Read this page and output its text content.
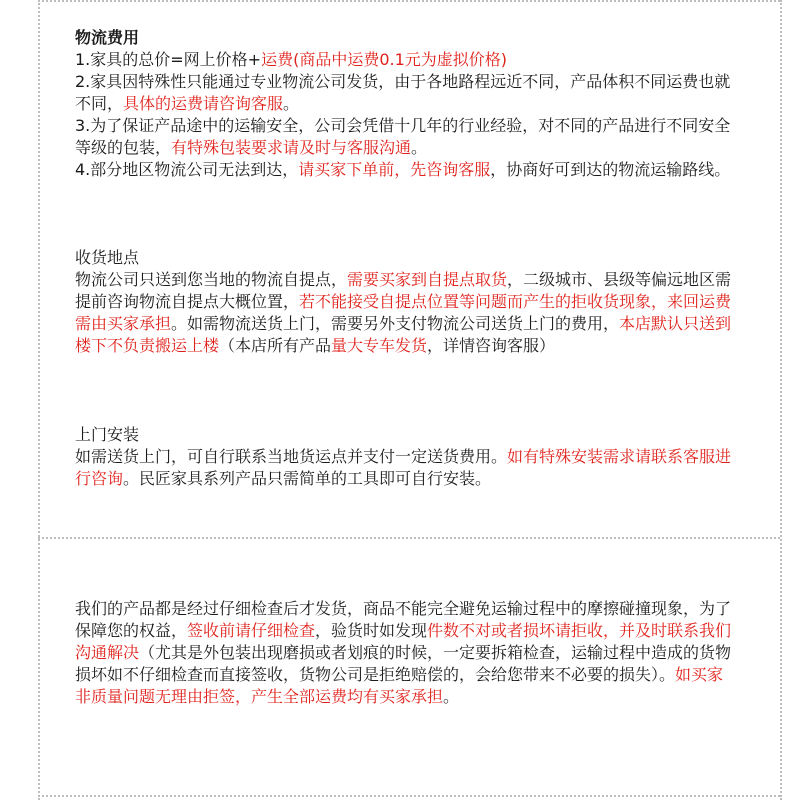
物流费用

1.家具的总价=网上价格+运费(商品中运费0.1元为虚拟价格)

2.家具因特殊性只能通过专业物流公司发货，由于各地路程远近不同，产品体积不同运费也就不同，具体的运费请咨询客服。

3.为了保证产品途中的运输安全，公司会凭借十几年的行业经验，对不同的产品进行不同安全等级的包装，有特殊包装要求请及时与客服沟通。

4.部分地区物流公司无法到达，请买家下单前，先咨询客服，协商好可到达的物流运输路线。

收货地点

物流公司只送到您当地的物流自提点，需要买家到自提点取货，二级城市、县级等偏远地区需提前咨询物流自提点大概位置，若不能接受自提点位置等问题而产生的拒收货现象，来回运费需由买家承担。如需物流送货上门，需要另外支付物流公司送货上门的费用，本店默认只送到楼下不负责搬运上楼（本店所有产品量大专车发货，详情咨询客服）

上门安装

如需送货上门，可自行联系当地货运点并支付一定送货费用。如有特殊安装需求请联系客服进行咨询。民匠家具系列产品只需简单的工具即可自行安装。

我们的产品都是经过仔细检查后才发货，商品不能完全避免运输过程中的摩擦碰撞现象，为了保障您的权益，签收前请仔细检查，验货时如发现件数不对或者损坏请拒收，并及时联系我们沟通解决（尤其是外包装出现磨损或者划痕的时候，一定要拆箱检查，运输过程中造成的货物损坏如不仔细检查而直接签收，货物公司是拒绝赔偿的，会给您带来不必要的损失）。如买家非质量问题无理由拒签，产生全部运费均有买家承担。
